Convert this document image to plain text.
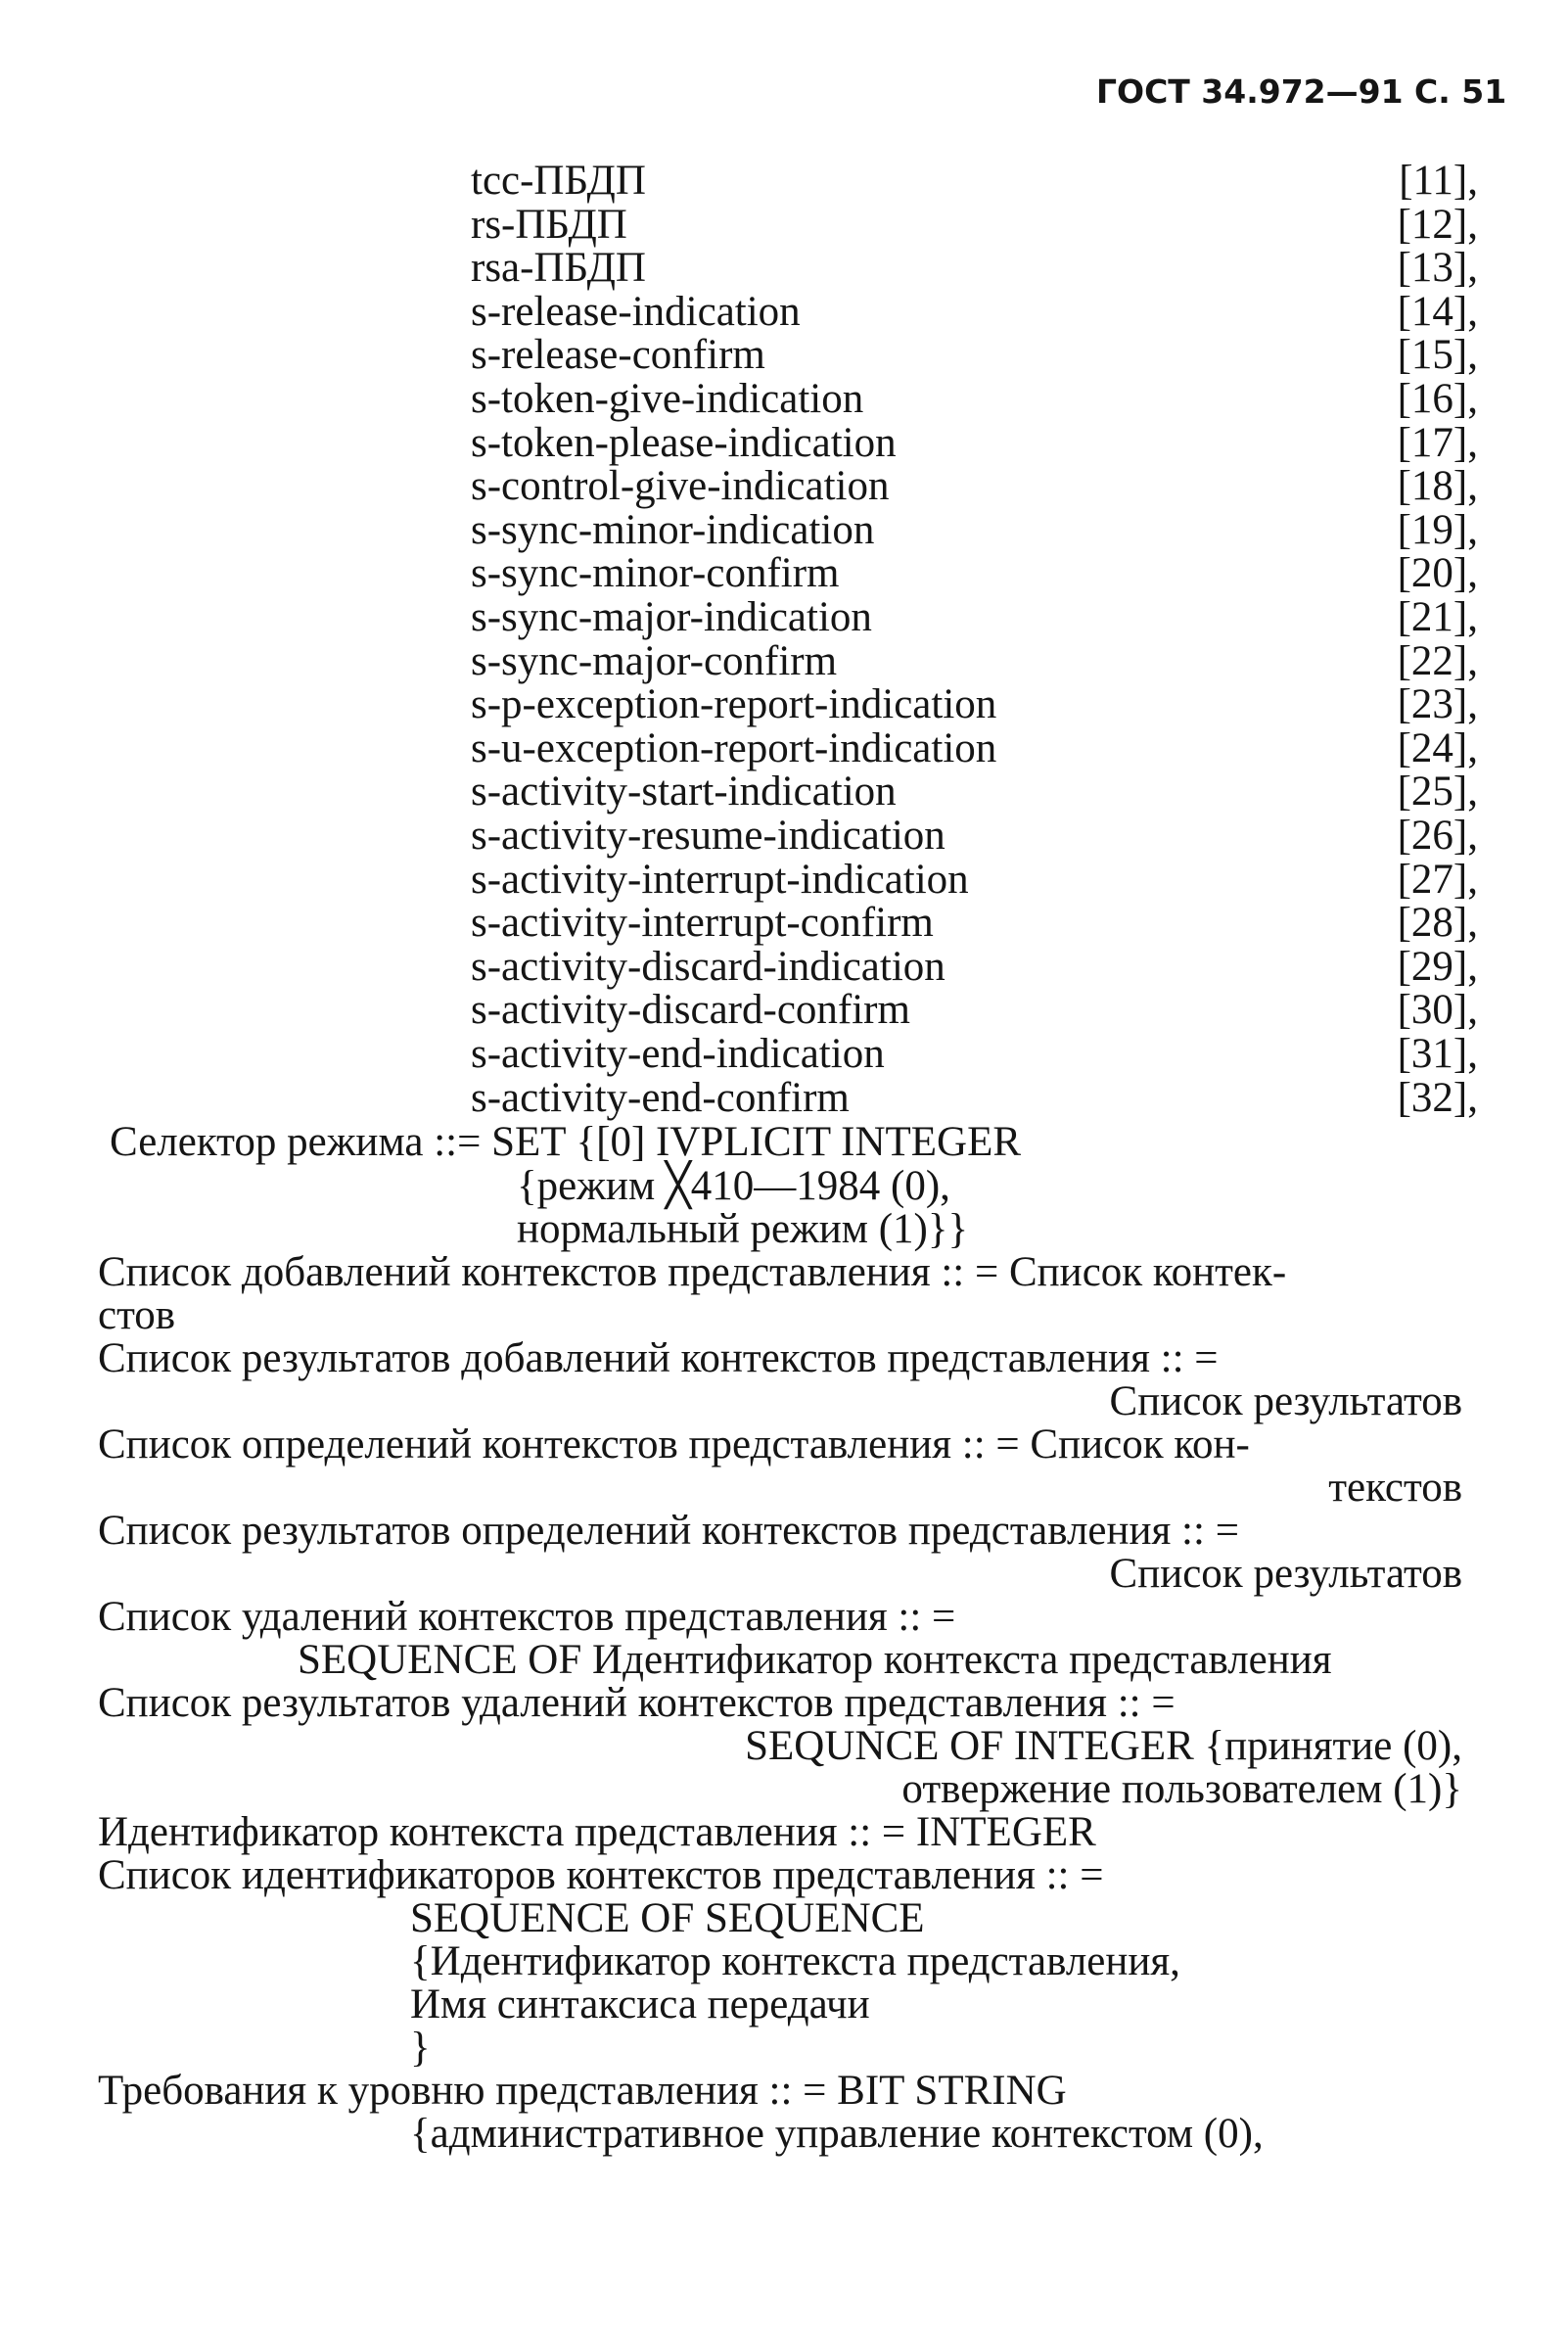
ГОСТ 34.972—91 С. 51
tcc-ПБДП	[11],
rs-ПБДП	[12],
rsa-ПБДП	[13],
s-release-indication	[14],
s-release-confirm	[15],
s-token-give-indication	[16],
s-token-please-indication	[17],
s-control-give-indication	[18],
s-sync-minor-indication	[19],
s-sync-minor-confirm	[20],
s-sync-major-indication	[21],
s-sync-major-confirm	[22],
s-p-exception-report-indication	[23],
s-u-exception-report-indication	[24],
s-activity-start-indication	[25],
s-activity-resume-indication	[26],
s-activity-interrupt-indication	[27],
s-activity-interrupt-confirm	[28],
s-activity-discard-indication	[29],
s-activity-discard-confirm	[30],
s-activity-end-indication	[31],
s-activity-end-confirm	[32],
Селектор режима ::= SET {[0] IVPLICIT INTEGER
{режим ╳410—1984 (0),
нормальный режим (1)}}
Список добавлений контекстов представления :: = Список контек-
стов
Список результатов добавлений контекстов представления :: =
Список результатов
Список определений контекстов представления :: = Список кон-
текстов
Список результатов определений контекстов представления :: =
Список результатов
Список удалений контекстов представления :: =
SEQUENCE OF Идентификатор контекста представления
Список результатов удалений контекстов представления :: =
SEQUNCE OF INTEGER {принятие (0),
отвержение пользователем (1)}
Идентификатор контекста представления :: = INTEGER
Список идентификаторов контекстов представления :: =
SEQUENCE OF SEQUENCE
{Идентификатор контекста представления,
Имя синтаксиса передачи
}
Требования к уровню представления :: = BIT STRING
{административное управление контекстом (0),
